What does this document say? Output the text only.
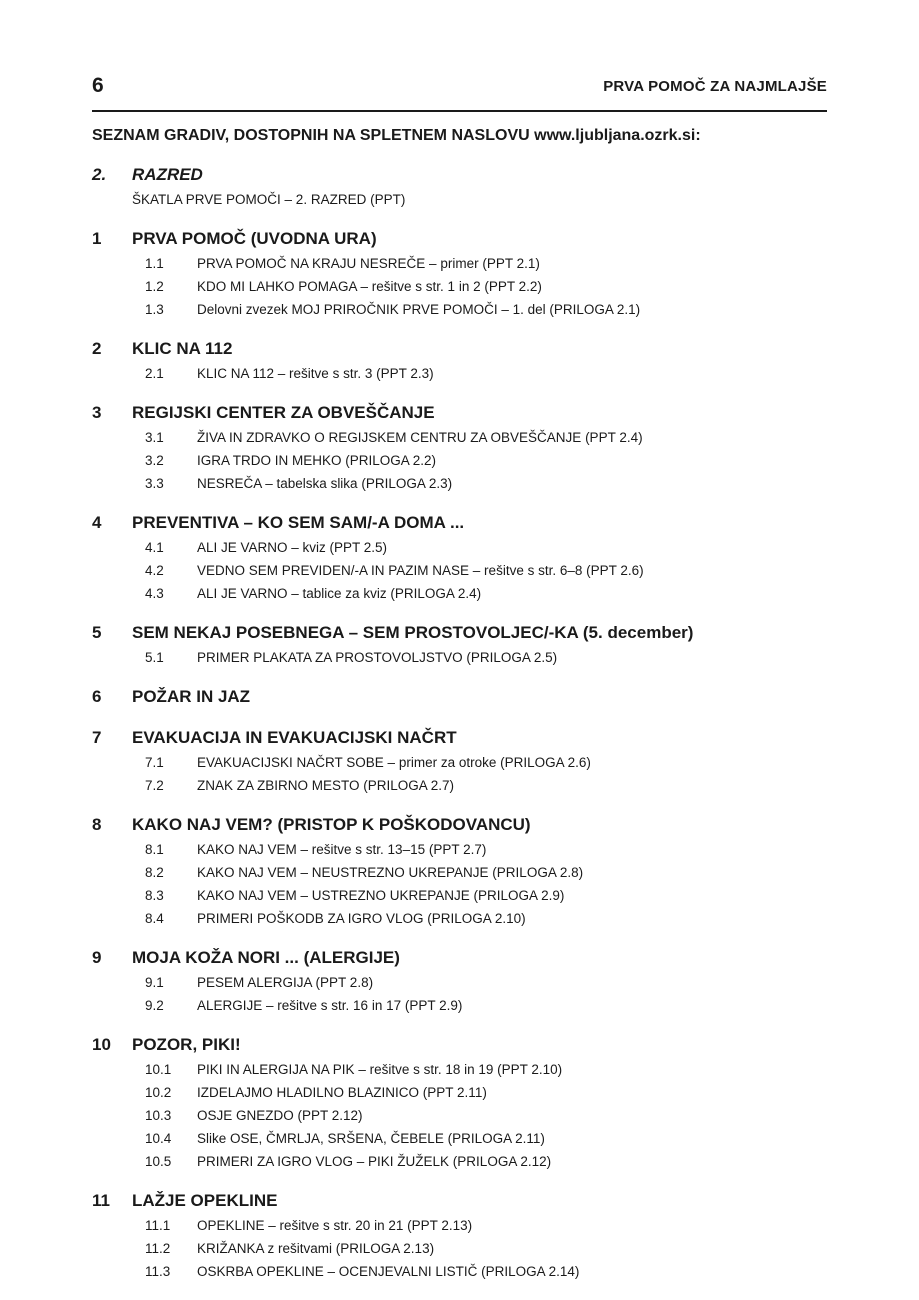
6	PRVA POMOČ ZA NAJMLAJŠE
SEZNAM GRADIV, DOSTOPNIH NA SPLETNEM NASLOVU www.ljubljana.ozrk.si:
2. RAZRED
ŠKATLA PRVE POMOČI – 2. RAZRED (PPT)
1 PRVA POMOČ (UVODNA URA)
1.1 PRVA POMOČ NA KRAJU NESREČE – primer (PPT 2.1)
1.2 KDO MI LAHKO POMAGA – rešitve s str. 1 in 2 (PPT 2.2)
1.3 Delovni zvezek MOJ PRIROČNIK PRVE POMOČI – 1. del (PRILOGA 2.1)
2 KLIC NA 112
2.1 KLIC NA 112 – rešitve s str. 3 (PPT 2.3)
3 REGIJSKI CENTER ZA OBVEŠČANJE
3.1 ŽIVA IN ZDRAVKO O REGIJSKEM CENTRU ZA OBVEŠČANJE (PPT 2.4)
3.2 IGRA TRDO IN MEHKO (PRILOGA 2.2)
3.3 NESREČA – tabelska slika (PRILOGA 2.3)
4 PREVENTIVA – KO SEM SAM/-A DOMA ...
4.1 ALI JE VARNO – kviz (PPT 2.5)
4.2 VEDNO SEM PREVIDEN/-A IN PAZIM NASE – rešitve s str. 6–8 (PPT 2.6)
4.3 ALI JE VARNO – tablice za kviz (PRILOGA 2.4)
5 SEM NEKAJ POSEBNEGA – SEM PROSTOVOLJEC/-KA (5. december)
5.1 PRIMER PLAKATA ZA PROSTOVOLJSTVO (PRILOGA 2.5)
6 POŽAR IN JAZ
7 EVAKUACIJA IN EVAKUACIJSKI NAČRT
7.1 EVAKUACIJSKI NAČRT SOBE – primer za otroke (PRILOGA 2.6)
7.2 ZNAK ZA ZBIRNO MESTO (PRILOGA 2.7)
8 KAKO NAJ VEM? (PRISTOP K POŠKODOVANCU)
8.1 KAKO NAJ VEM – rešitve s str. 13–15 (PPT 2.7)
8.2 KAKO NAJ VEM – NEUSTREZNO UKREPANJE (PRILOGA 2.8)
8.3 KAKO NAJ VEM – USTREZNO UKREPANJE (PRILOGA 2.9)
8.4 PRIMERI POŠKODB ZA IGRO VLOG (PRILOGA 2.10)
9 MOJA KOŽA NORI ... (ALERGIJE)
9.1 PESEM ALERGIJA (PPT 2.8)
9.2 ALERGIJE – rešitve s str. 16 in 17 (PPT 2.9)
10 POZOR, PIKI!
10.1 PIKI IN ALERGIJA NA PIK – rešitve s str. 18 in 19 (PPT 2.10)
10.2 IZDELAJMO HLADILNO BLAZINICO (PPT 2.11)
10.3 OSJE GNEZDO (PPT 2.12)
10.4 Slike OSE, ČMRLJA, SRŠENA, ČEBELE (PRILOGA 2.11)
10.5 PRIMERI ZA IGRO VLOG – PIKI ŽUŽELK (PRILOGA 2.12)
11 LAŽJE OPEKLINE
11.1 OPEKLINE – rešitve s str. 20 in 21 (PPT 2.13)
11.2 KRIŽANKA z rešitvami (PRILOGA 2.13)
11.3 OSKRBA OPEKLINE – OCENJEVALNI LISTIČ (PRILOGA 2.14)
